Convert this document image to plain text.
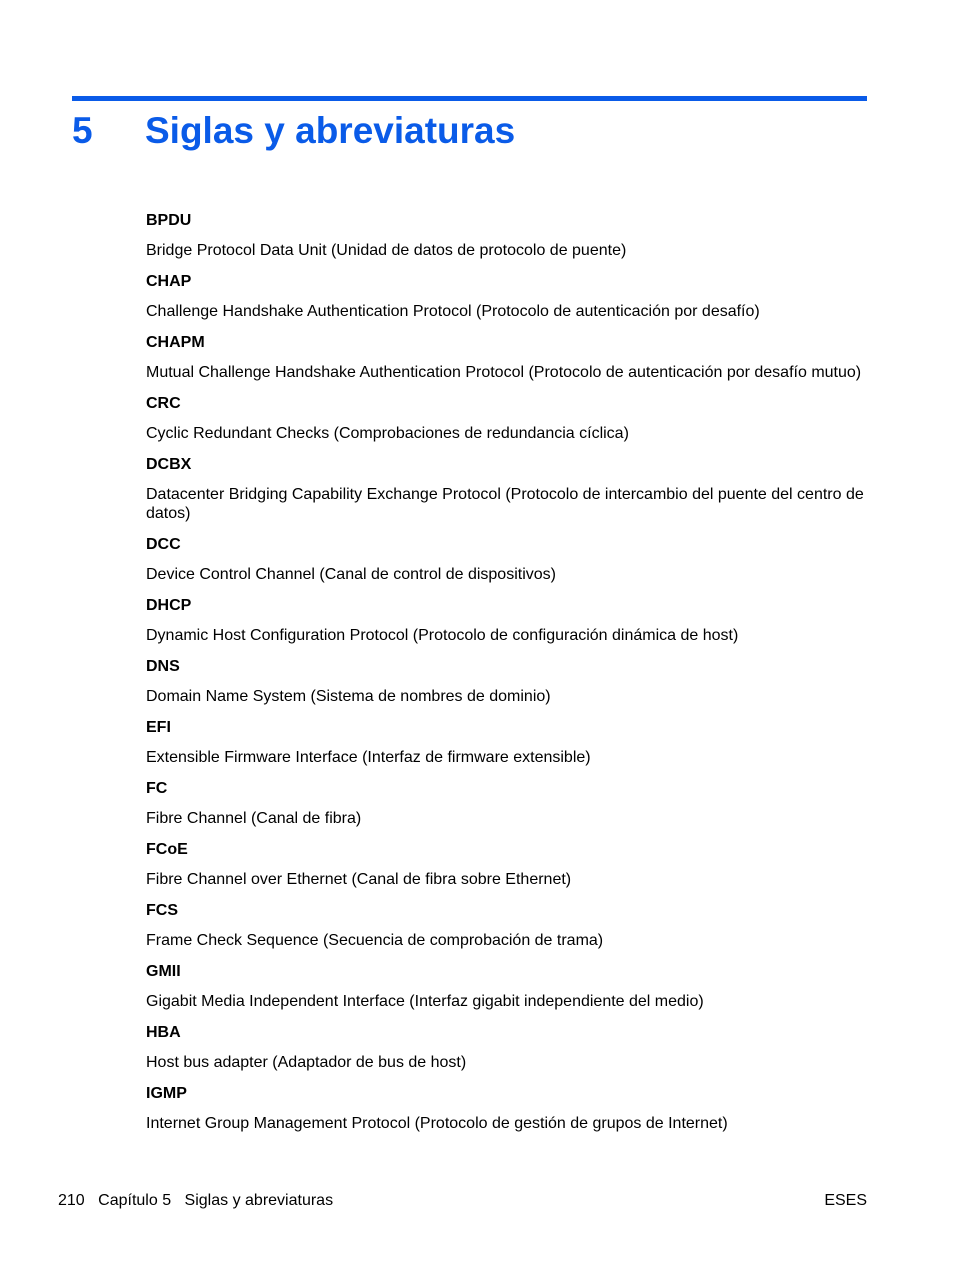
5	Siglas y abreviaturas
BPDU
Bridge Protocol Data Unit (Unidad de datos de protocolo de puente)
CHAP
Challenge Handshake Authentication Protocol (Protocolo de autenticación por desafío)
CHAPM
Mutual Challenge Handshake Authentication Protocol (Protocolo de autenticación por desafío mutuo)
CRC
Cyclic Redundant Checks (Comprobaciones de redundancia cíclica)
DCBX
Datacenter Bridging Capability Exchange Protocol (Protocolo de intercambio del puente del centro de datos)
DCC
Device Control Channel (Canal de control de dispositivos)
DHCP
Dynamic Host Configuration Protocol (Protocolo de configuración dinámica de host)
DNS
Domain Name System (Sistema de nombres de dominio)
EFI
Extensible Firmware Interface (Interfaz de firmware extensible)
FC
Fibre Channel (Canal de fibra)
FCoE
Fibre Channel over Ethernet (Canal de fibra sobre Ethernet)
FCS
Frame Check Sequence (Secuencia de comprobación de trama)
GMII
Gigabit Media Independent Interface (Interfaz gigabit independiente del medio)
HBA
Host bus adapter (Adaptador de bus de host)
IGMP
Internet Group Management Protocol (Protocolo de gestión de grupos de Internet)
210 Capítulo 5 Siglas y abreviaturas	ESES
